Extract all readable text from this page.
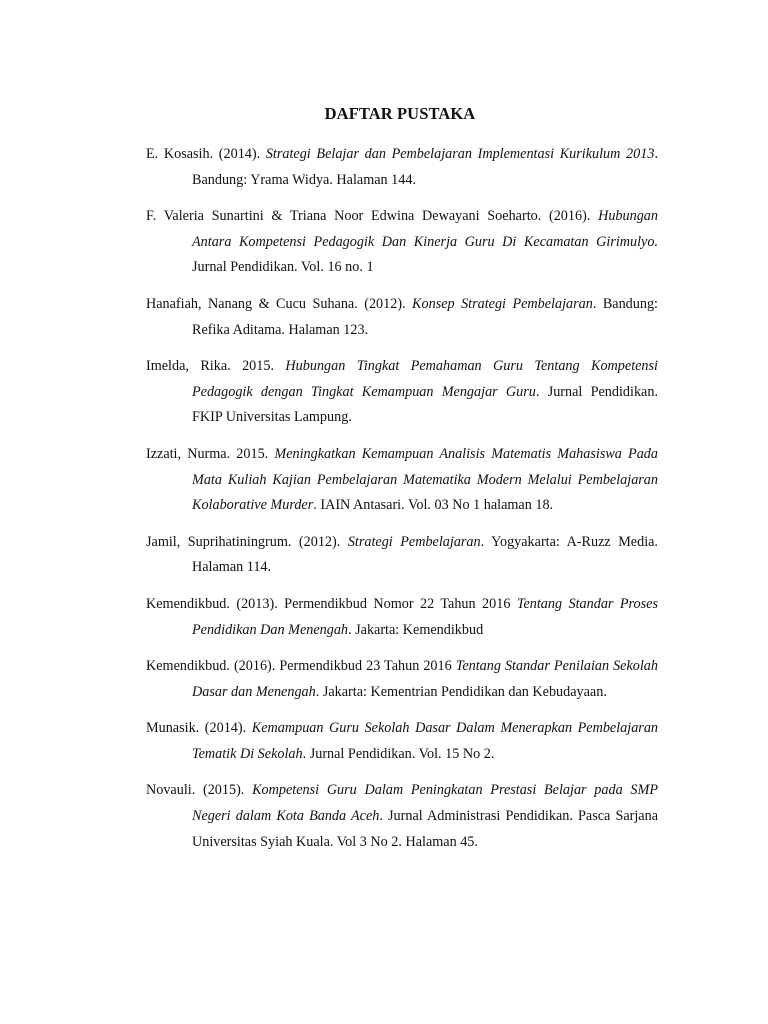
DAFTAR PUSTAKA

E. Kosasih. (2014). Strategi Belajar dan Pembelajaran Implementasi Kurikulum 2013. Bandung: Yrama Widya. Halaman 144.

F. Valeria Sunartini & Triana Noor Edwina Dewayani Soeharto. (2016). Hubungan Antara Kompetensi Pedagogik Dan Kinerja Guru Di Kecamatan Girimulyo. Jurnal Pendidikan. Vol. 16 no. 1

Hanafiah, Nanang & Cucu Suhana. (2012). Konsep Strategi Pembelajaran. Bandung: Refika Aditama. Halaman 123.

Imelda, Rika. 2015. Hubungan Tingkat Pemahaman Guru Tentang Kompetensi Pedagogik dengan Tingkat Kemampuan Mengajar Guru. Jurnal Pendidikan. FKIP Universitas Lampung.

Izzati, Nurma. 2015. Meningkatkan Kemampuan Analisis Matematis Mahasiswa Pada Mata Kuliah Kajian Pembelajaran Matematika Modern Melalui Pembelajaran Kolaborative Murder. IAIN Antasari. Vol. 03 No 1 halaman 18.

Jamil, Suprihatiningrum. (2012). Strategi Pembelajaran. Yogyakarta: A-Ruzz Media. Halaman 114.

Kemendikbud. (2013). Permendikbud Nomor 22 Tahun 2016 Tentang Standar Proses Pendidikan Dan Menengah. Jakarta: Kemendikbud

Kemendikbud. (2016). Permendikbud 23 Tahun 2016 Tentang Standar Penilaian Sekolah Dasar dan Menengah. Jakarta: Kementrian Pendidikan dan Kebudayaan.

Munasik. (2014). Kemampuan Guru Sekolah Dasar Dalam Menerapkan Pembelajaran Tematik Di Sekolah. Jurnal Pendidikan. Vol. 15 No 2.

Novauli. (2015). Kompetensi Guru Dalam Peningkatan Prestasi Belajar pada SMP Negeri dalam Kota Banda Aceh. Jurnal Administrasi Pendidikan. Pasca Sarjana Universitas Syiah Kuala. Vol 3 No 2. Halaman 45.
